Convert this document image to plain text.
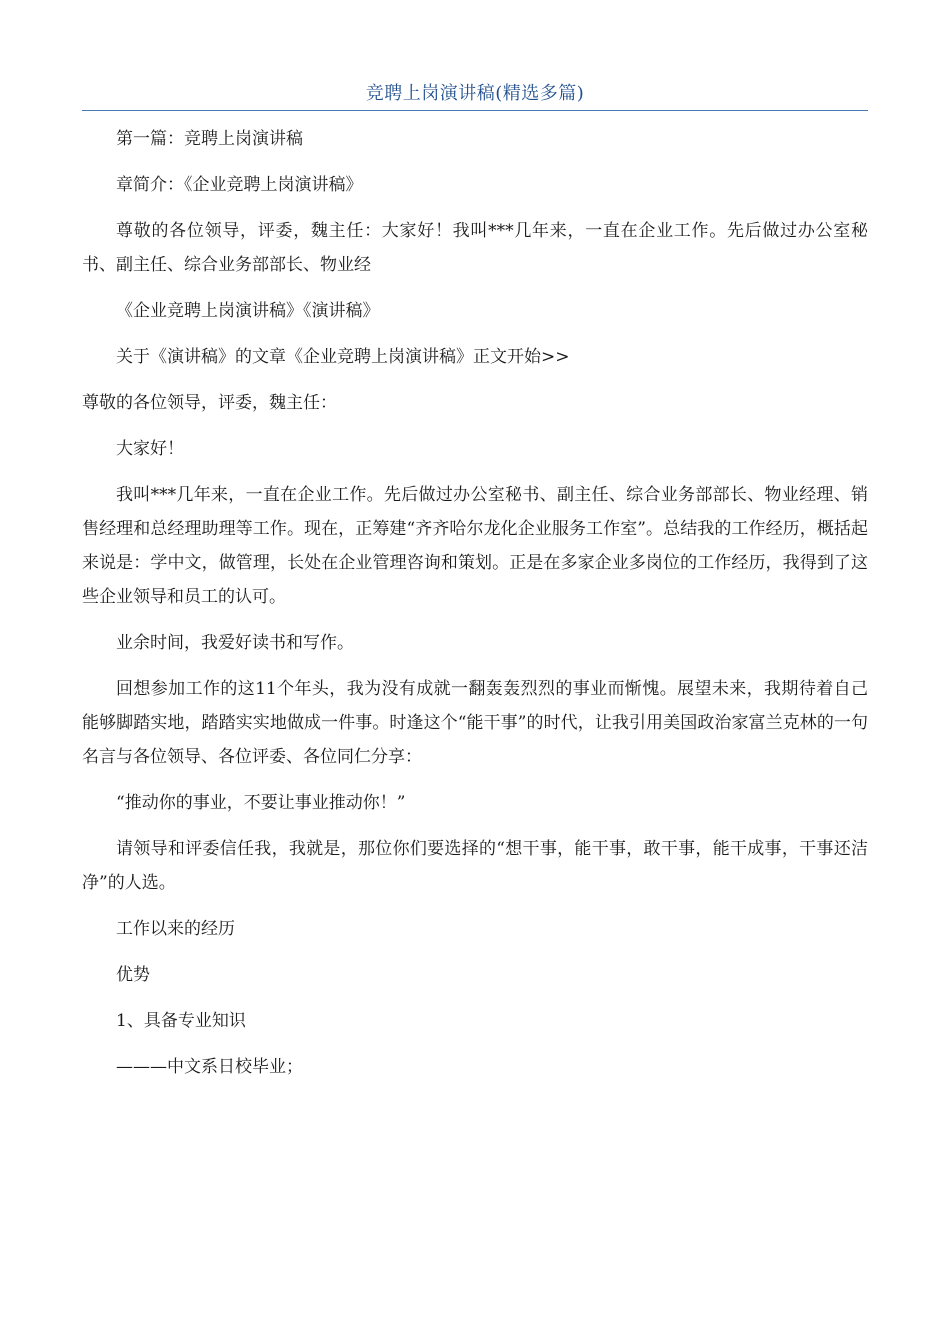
竞聘上岗演讲稿(精选多篇)

第一篇：竞聘上岗演讲稿

章简介：《企业竞聘上岗演讲稿》

尊敬的各位领导，评委，魏主任：大家好！我叫***几年来，一直在企业工作。先后做过办公室秘书、副主任、综合业务部部长、物业经

《企业竞聘上岗演讲稿》《演讲稿》

关于《演讲稿》的文章《企业竞聘上岗演讲稿》正文开始>>

尊敬的各位领导，评委，魏主任：

大家好！

我叫***几年来，一直在企业工作。先后做过办公室秘书、副主任、综合业务部部长、物业经理、销售经理和总经理助理等工作。现在，正筹建“齐齐哈尔龙化企业服务工作室”。总结我的工作经历，概括起来说是：学中文，做管理，长处在企业管理咨询和策划。正是在多家企业多岗位的工作经历，我得到了这些企业领导和员工的认可。

业余时间，我爱好读书和写作。

回想参加工作的这11个年头，我为没有成就一翻轰轰烈烈的事业而惭愧。展望未来，我期待着自己能够脚踏实地，踏踏实实地做成一件事。时逢这个“能干事”的时代，让我引用美国政治家富兰克林的一句名言与各位领导、各位评委、各位同仁分享：

“推动你的事业，不要让事业推动你！”

请领导和评委信任我，我就是，那位你们要选择的“想干事，能干事，敢干事，能干成事，干事还洁净”的人选。

工作以来的经历

优势

1、具备专业知识

———中文系日校毕业；
